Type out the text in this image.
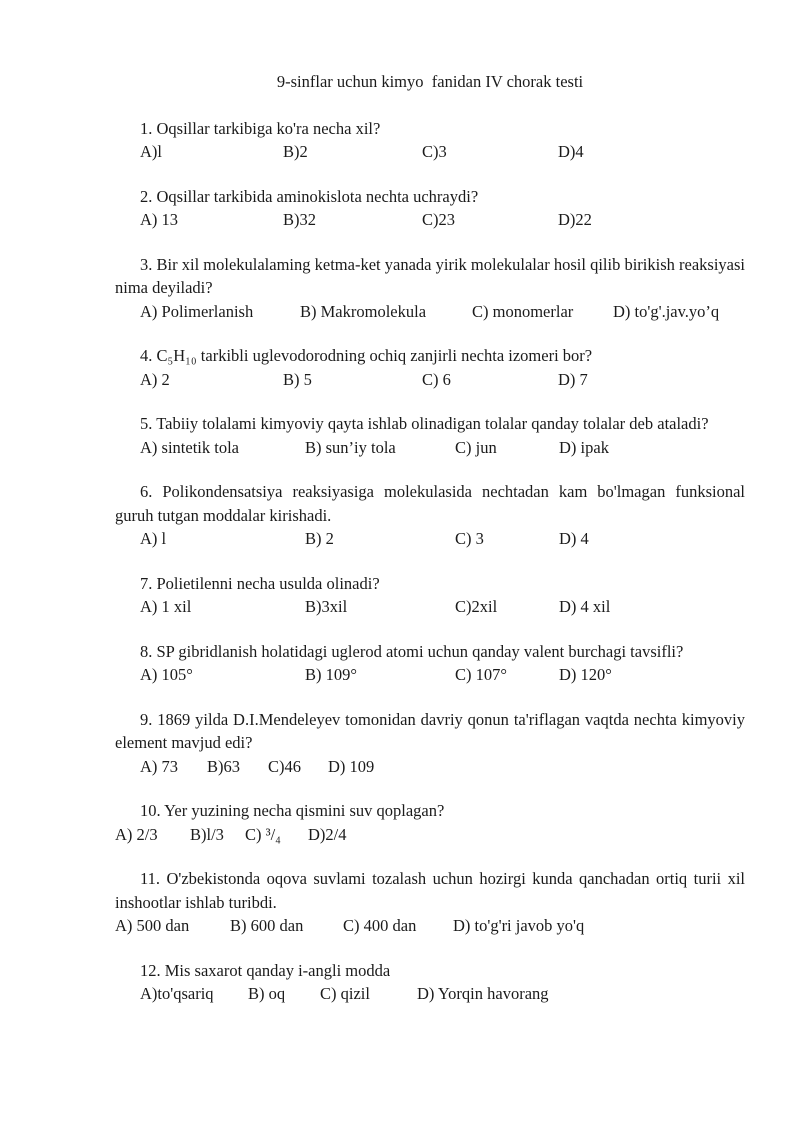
9-sinflar uchun kimyo  fanidan IV chorak testi

1. Oqsillar tarkibiga ko'ra necha xil?

A)l	B)2	C)3	D)4

2. Oqsillar tarkibida aminokislota nechta uchraydi?

A) 13	B)32	C)23	D)22

3. Bir xil molekulalaming ketma-ket yanada yirik molekulalar hosil qilib birikish reaksiyasi nima deyiladi?

A) Polimerlanish	B) Makromolekula	C) monomerlar	D) to'g'.jav.yo’q

4. C₅H₁₀ tarkibli uglevodorodning ochiq zanjirli nechta izomeri bor?

A) 2	B) 5	C) 6	D) 7

5. Tabiiy tolalami kimyoviy qayta ishlab olinadigan tolalar qanday tolalar deb ataladi?

A) sintetik tola	B) sun’iy tola	C) jun	D) ipak

6. Polikondensatsiya reaksiyasiga molekulasida nechtadan kam bo'lmagan funksional guruh tutgan moddalar kirishadi.

A) l	B) 2	C) 3	D) 4

7. Polietilenni necha usulda olinadi?

A) 1 xil	B)3xil	C)2xil	D) 4 xil

8. SP gibridlanish holatidagi uglerod atomi uchun qanday valent burchagi tavsifli?

A) 105°	B) 109°	C) 107°	D) 120°

9. 1869 yilda D.I.Mendeleyev tomonidan davriy qonun ta'riflagan vaqtda nechta kimyoviy element mavjud edi?

A) 73	B)63	C)46	D) 109

10. Yer yuzining necha qismini suv qoplagan?

A) 2/3	B)l/3	C) ³/₄	D)2/4

11. O'zbekistonda oqova suvlami tozalash uchun hozirgi kunda qanchadan ortiq turii xil inshootlar ishlab turibdi.

A) 500 dan	B) 600 dan	C) 400 dan	D) to'g'ri javob yo'q

12. Mis saxarot qanday i-angli modda

A)to'qsariq	B) oq	C) qizil	D) Yorqin havorang
